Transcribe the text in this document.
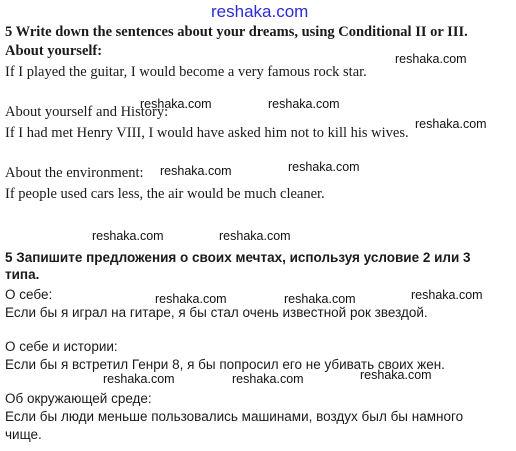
reshaka.com
5 Write down the sentences about your dreams, using Conditional II or III.
About yourself:
If I played the guitar, I would become a very famous rock star.
About yourself and History:
If I had met Henry VIII, I would have asked him not to kill his wives.
About the environment:
If people used cars less, the air would be much cleaner.
5 Запишите предложения о своих мечтах, используя условие 2 или 3
типа.
О себе:
Если бы я играл на гитаре, я бы стал очень известной рок звездой.
О себе и истории:
Если бы я встретил Генри 8, я бы попросил его не убивать своих жен.
Об окружающей среде:
Если бы люди меньше пользовались машинами, воздух был бы намного
чище.
reshaka.com
reshaka.com	reshaka.com
reshaka.com
reshaka.com	reshaka.com
reshaka.com	reshaka.com
reshaka.com	reshaka.com	reshaka.com
reshaka.com	reshaka.com	reshaka.com
